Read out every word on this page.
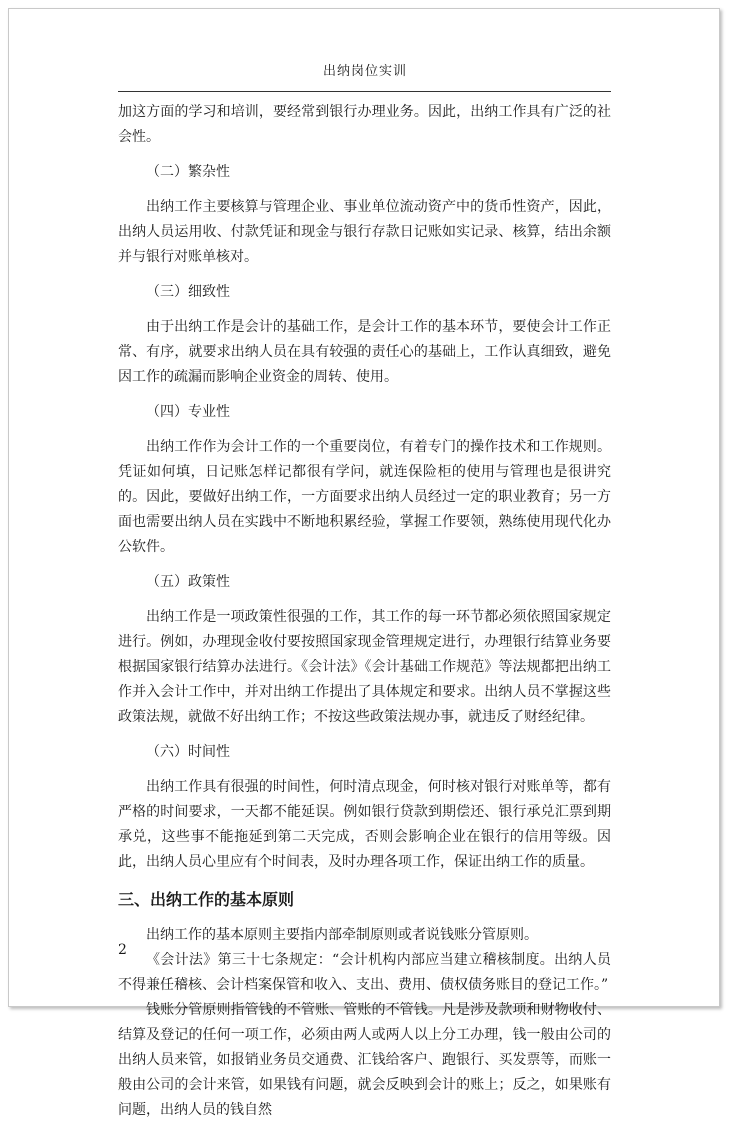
出纳岗位实训

加这方面的学习和培训，要经常到银行办理业务。因此，出纳工作具有广泛的社会性。

（二）繁杂性

出纳工作主要核算与管理企业、事业单位流动资产中的货币性资产，因此，出纳人员运用收、付款凭证和现金与银行存款日记账如实记录、核算，结出余额并与银行对账单核对。

（三）细致性

由于出纳工作是会计的基础工作，是会计工作的基本环节，要使会计工作正常、有序，就要求出纳人员在具有较强的责任心的基础上，工作认真细致，避免因工作的疏漏而影响企业资金的周转、使用。

（四）专业性

出纳工作作为会计工作的一个重要岗位，有着专门的操作技术和工作规则。凭证如何填，日记账怎样记都很有学问，就连保险柜的使用与管理也是很讲究的。因此，要做好出纳工作，一方面要求出纳人员经过一定的职业教育；另一方面也需要出纳人员在实践中不断地积累经验，掌握工作要领，熟练使用现代化办公软件。

（五）政策性

出纳工作是一项政策性很强的工作，其工作的每一环节都必须依照国家规定进行。例如，办理现金收付要按照国家现金管理规定进行，办理银行结算业务要根据国家银行结算办法进行。《会计法》《会计基础工作规范》等法规都把出纳工作并入会计工作中，并对出纳工作提出了具体规定和要求。出纳人员不掌握这些政策法规，就做不好出纳工作；不按这些政策法规办事，就违反了财经纪律。

（六）时间性

出纳工作具有很强的时间性，何时清点现金，何时核对银行对账单等，都有严格的时间要求，一天都不能延误。例如银行贷款到期偿还、银行承兑汇票到期承兑，这些事不能拖延到第二天完成，否则会影响企业在银行的信用等级。因此，出纳人员心里应有个时间表，及时办理各项工作，保证出纳工作的质量。

三、出纳工作的基本原则

出纳工作的基本原则主要指内部牵制原则或者说钱账分管原则。

《会计法》第三十七条规定：“会计机构内部应当建立稽核制度。出纳人员不得兼任稽核、会计档案保管和收入、支出、费用、债权债务账目的登记工作。”

钱账分管原则指管钱的不管账、管账的不管钱。凡是涉及款项和财物收付、结算及登记的任何一项工作，必须由两人或两人以上分工办理，钱一般由公司的出纳人员来管，如报销业务员交通费、汇钱给客户、跑银行、买发票等，而账一般由公司的会计来管，如果钱有问题，就会反映到会计的账上；反之，如果账有问题，出纳人员的钱自然

2
